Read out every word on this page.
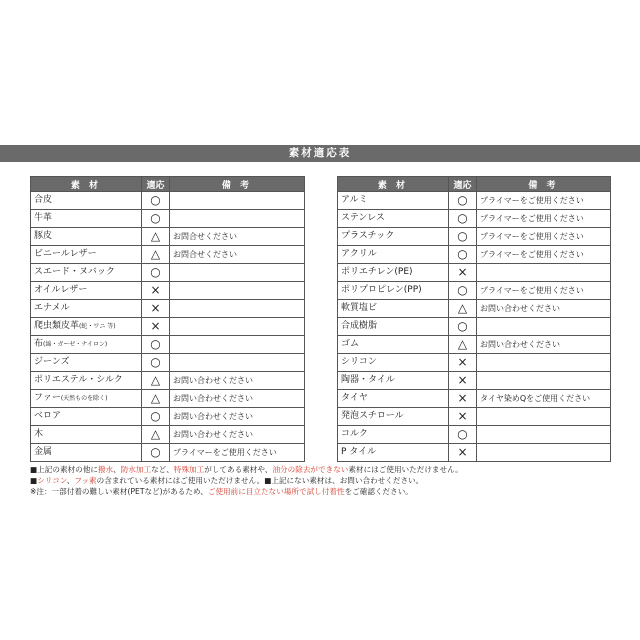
素材適応表
素 材	適応	備 考
合皮	○	
牛革	○	
豚皮	△	お問合せください
ビニールレザー	△	お問合せください
スエード・ヌバック	○	
オイルレザー	×	
エナメル	×	
爬虫類皮革(蛇・ワニ 等)	×	
布(綿・ガーゼ・ナイロン)	○	
ジーンズ	○	
ポリエステル・シルク	△	お問い合わせください
ファー(天然ものを除く)	△	お問い合わせください
ベロア	○	お問い合わせください
木	△	お問い合わせください
金属	○	プライマーをご使用ください
素 材	適応	備 考
アルミ	○	プライマーをご使用ください
ステンレス	○	プライマーをご使用ください
プラスチック	○	プライマーをご使用ください
アクリル	○	プライマーをご使用ください
ポリエチレン(PE)	×	
ポリプロピレン(PP)	○	プライマーをご使用ください
軟質塩ビ	△	お問い合わせください
合成樹脂	○	
ゴム	△	お問い合わせください
シリコン	×	
陶器・タイル	×	
タイヤ	×	タイヤ染めQをご使用ください
発泡スチロール	×	
コルク	○	
P タイル	×	
■上記の素材の他に撥水、防水加工など、特殊加工がしてある素材や、油分の除去ができない素材にはご使用いただけません。
■シリコン、フッ素の含まれている素材にはご使用いただけません。■上記にない素材は、お問い合わせください。
※注：一部付着の難しい素材(PETなど)があるため、ご使用前に目立たない場所で試し付着性をご確認ください。
